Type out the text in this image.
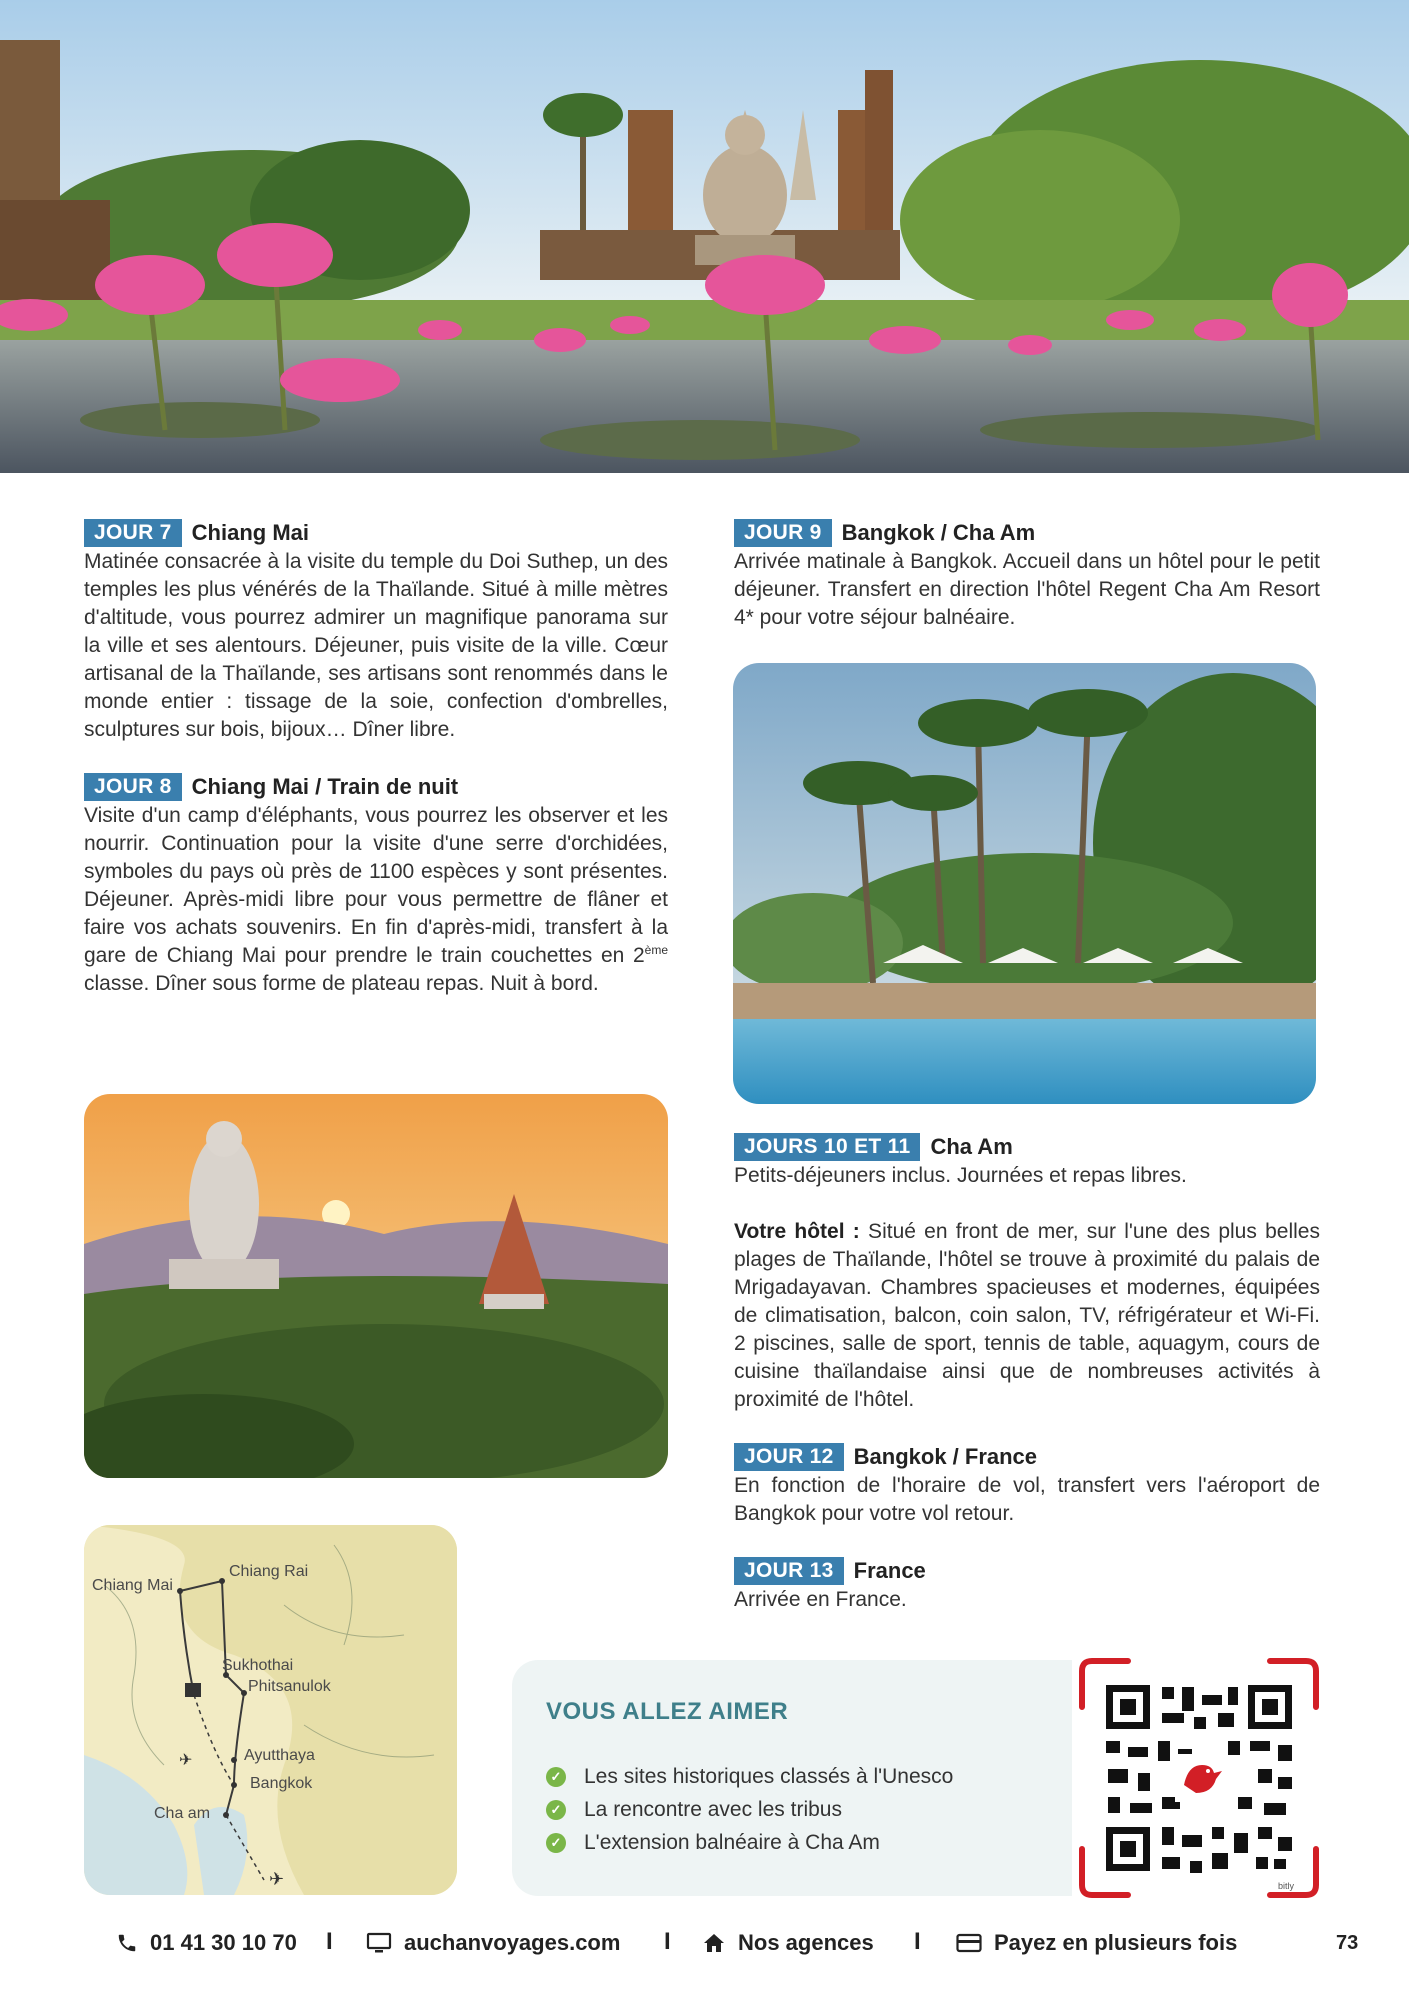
JOUR 7 Chiang Mai

Matinée consacrée à la visite du temple du Doi Suthep, un des temples les plus vénérés de la Thaïlande. Situé à mille mètres d'altitude, vous pourrez admirer un magnifique panorama sur la ville et ses alentours. Déjeuner, puis visite de la ville. Cœur artisanal de la Thaïlande, ses artisans sont renommés dans le monde entier : tissage de la soie, confection d'ombrelles, sculptures sur bois, bijoux… Dîner libre.

JOUR 8 Chiang Mai / Train de nuit

Visite d'un camp d'éléphants, vous pourrez les observer et les nourrir. Continuation pour la visite d'une serre d'orchidées, symboles du pays où près de 1100 espèces y sont présentes. Déjeuner. Après-midi libre pour vous permettre de flâner et faire vos achats souvenirs. En fin d'après-midi, transfert à la gare de Chiang Mai pour prendre le train couchettes en 2ème classe. Dîner sous forme de plateau repas. Nuit à bord.

JOUR 9 Bangkok / Cha Am

Arrivée matinale à Bangkok. Accueil dans un hôtel pour le petit déjeuner. Transfert en direction l'hôtel Regent Cha Am Resort 4* pour votre séjour balnéaire.

JOURS 10 ET 11 Cha Am

Petits-déjeuners inclus. Journées et repas libres.

Votre hôtel : Situé en front de mer, sur l'une des plus belles plages de Thaïlande, l'hôtel se trouve à proximité du palais de Mrigadayavan. Chambres spacieuses et modernes, équipées de climatisation, balcon, coin salon, TV, réfrigérateur et Wi-Fi. 2 piscines, salle de sport, tennis de table, aquagym, cours de cuisine thaïlandaise ainsi que de nombreuses activités à proximité de l'hôtel.

JOUR 12 Bangkok / France

En fonction de l'horaire de vol, transfert vers l'aéroport de Bangkok pour votre vol retour.

JOUR 13 France

Arrivée en France.

✈
✈
Chiang Mai
Chiang Rai
Sukhothai
Phitsanulok
Ayutthaya
Bangkok
Cha am
VOUS ALLEZ AIMER
✓ Les sites historiques classés à l'Unesco
✓ La rencontre avec les tribus
✓ L'extension balnéaire à Cha Am
bitly
01 41 30 10 70 I	auchanvoyages.com I	Nos agences I	Payez en plusieurs fois	73
